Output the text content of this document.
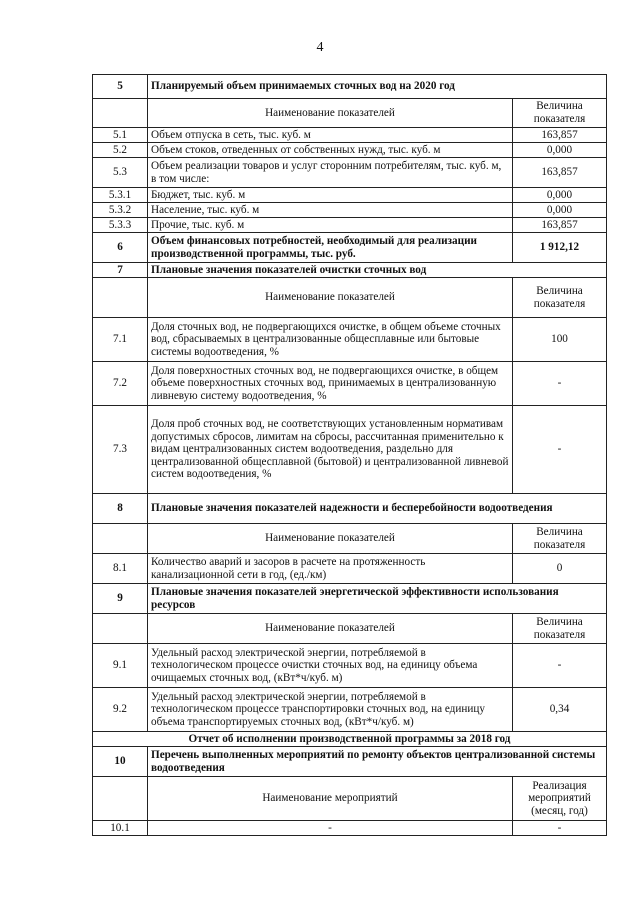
4
5	Планируемый объем принимаемых сточных вод на 2020 год	
	Наименование показателей	Величина показателя
5.1	Объем отпуска в сеть, тыс. куб. м	163,857
5.2	Объем стоков, отведенных от собственных нужд, тыс. куб. м	0,000
5.3	Объем реализации товаров и услуг сторонним потребителям, тыс. куб. м, в том числе:	163,857
5.3.1	Бюджет, тыс. куб. м	0,000
5.3.2	Население, тыс. куб. м	0,000
5.3.3	Прочие, тыс. куб. м	163,857
6	Объем финансовых потребностей, необходимый для реализации производственной программы, тыс. руб.	1 912,12
7	Плановые значения показателей очистки сточных вод	
	Наименование показателей	Величина показателя
7.1	Доля сточных вод, не подвергающихся очистке, в общем объеме сточных вод, сбрасываемых в централизованные общесплавные или бытовые системы водоотведения, %	100
7.2	Доля поверхностных сточных вод, не подвергающихся очистке, в общем объеме поверхностных сточных вод, принимаемых в централизованную ливневую систему водоотведения, %	-
7.3	Доля проб сточных вод, не соответствующих установленным нормативам допустимых сбросов, лимитам на сбросы, рассчитанная применительно к видам централизованных систем водоотведения, раздельно для централизованной общесплавной (бытовой) и централизованной ливневой систем водоотведения, %	-
8	Плановые значения показателей надежности и бесперебойности водоотведения	
	Наименование показателей	Величина показателя
8.1	Количество аварий и засоров в расчете на протяженность канализационной сети в год, (ед./км)	0
9	Плановые значения показателей энергетической эффективности использования ресурсов	
	Наименование показателей	Величина показателя
9.1	Удельный расход электрической энергии, потребляемой в технологическом процессе очистки сточных вод, на единицу объема очищаемых сточных вод, (кВт*ч/куб. м)	-
9.2	Удельный расход электрической энергии, потребляемой в технологическом процессе транспортировки сточных вод, на единицу объема транспортируемых сточных вод, (кВт*ч/куб. м)	0,34
Отчет об исполнении производственной программы за 2018 год		
10	Перечень выполненных мероприятий по ремонту объектов централизованной системы водоотведения	
	Наименование мероприятий	Реализация мероприятий (месяц, год)
10.1	-	-
